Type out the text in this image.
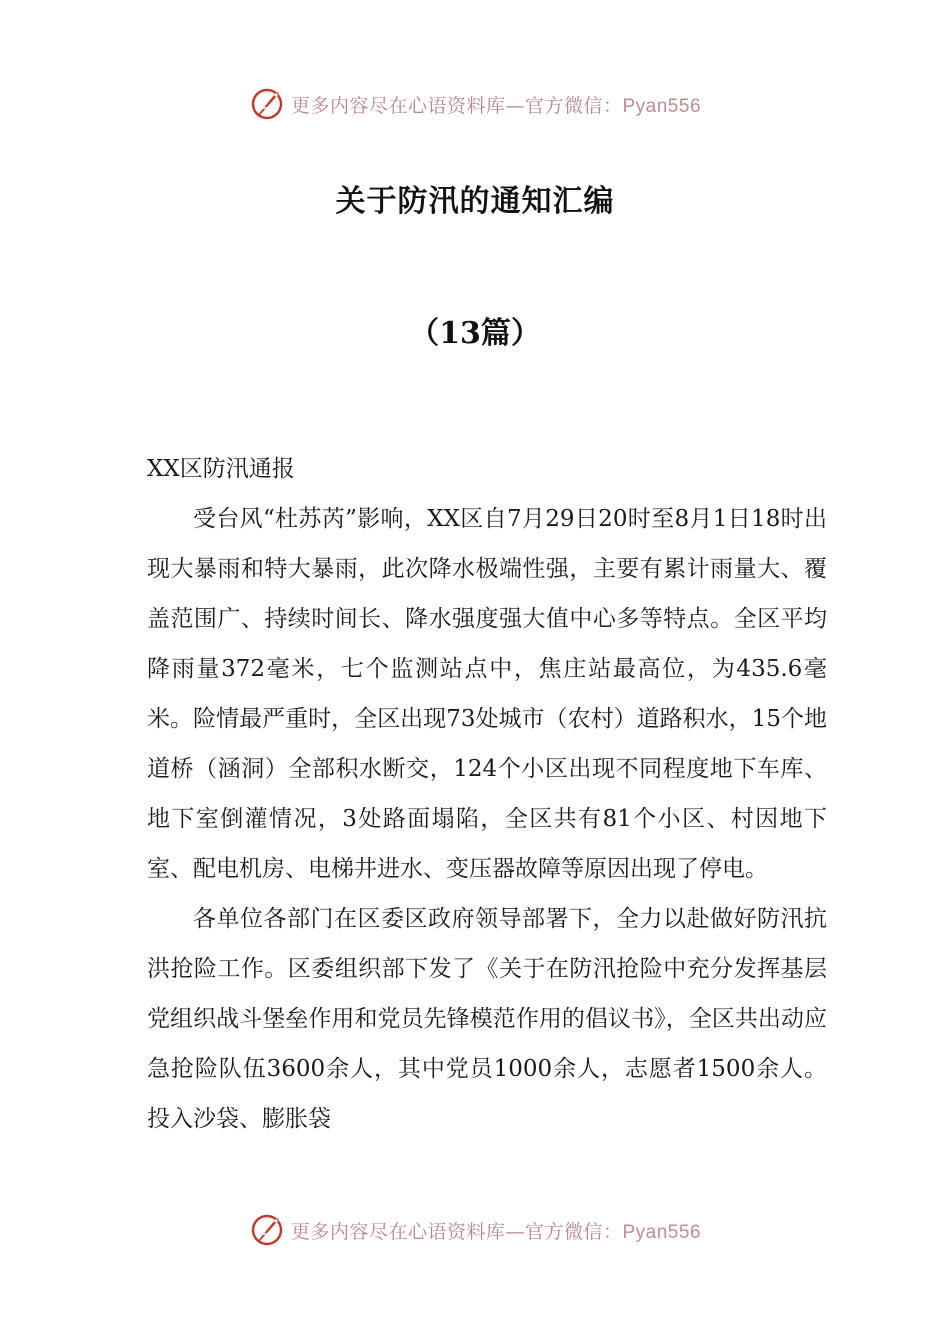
更多内容尽在心语资料库—官方微信：Pyan556
关于防汛的通知汇编
（13篇）

XX区防汛通报

受台风“杜苏芮”影响，XX区自7月29日20时至8月1日18时出现大暴雨和特大暴雨，此次降水极端性强，主要有累计雨量大、覆盖范围广、持续时间长、降水强度强大值中心多等特点。全区平均降雨量372毫米，七个监测站点中，焦庄站最高位，为435.6毫米。险情最严重时，全区出现73处城市（农村）道路积水，15个地道桥（涵洞）全部积水断交，124个小区出现不同程度地下车库、地下室倒灌情况，3处路面塌陷，全区共有81个小区、村因地下室、配电机房、电梯井进水、变压器故障等原因出现了停电。

各单位各部门在区委区政府领导部署下，全力以赴做好防汛抗洪抢险工作。区委组织部下发了《关于在防汛抢险中充分发挥基层党组织战斗堡垒作用和党员先锋模范作用的倡议书》，全区共出动应急抢险队伍3600余人，其中党员1000余人，志愿者1500余人。投入沙袋、膨胀袋

更多内容尽在心语资料库—官方微信：Pyan556
